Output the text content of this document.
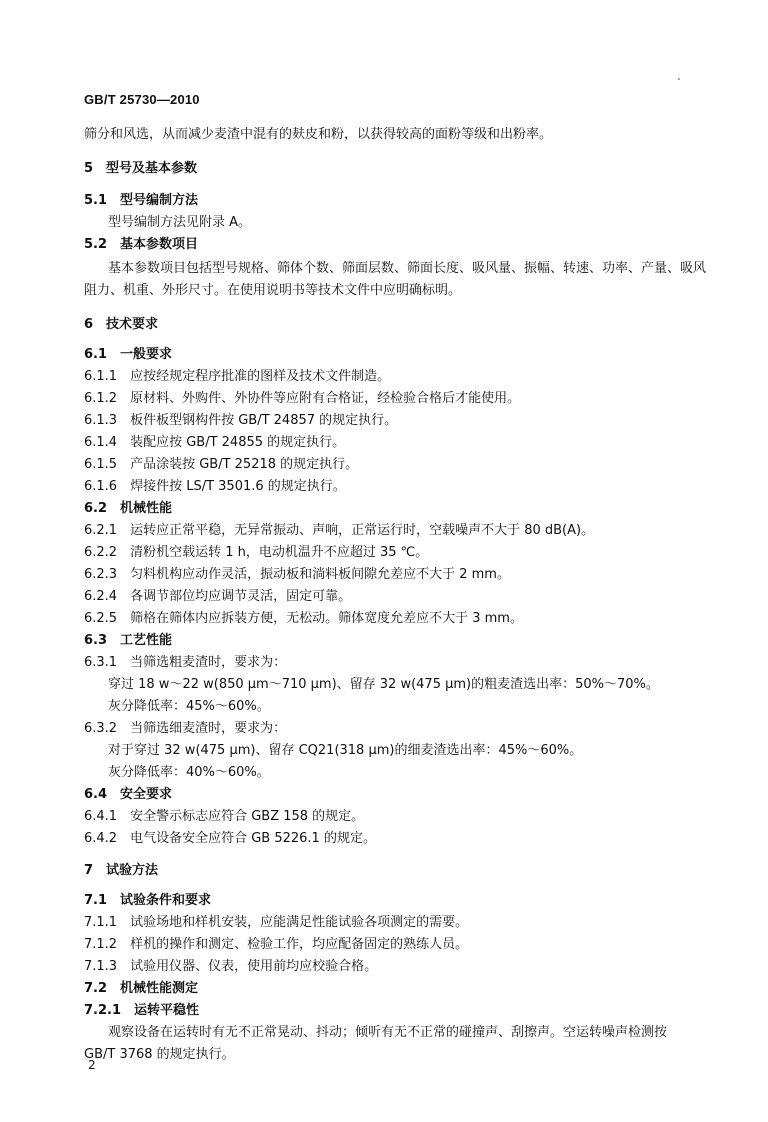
GB/T 25730—2010
筛分和风选，从而减少麦渣中混有的麸皮和粉，以获得较高的面粉等级和出粉率。
5　型号及基本参数
5.1　型号编制方法
型号编制方法见附录 A。
5.2　基本参数项目
基本参数项目包括型号规格、筛体个数、筛面层数、筛面长度、吸风量、振幅、转速、功率、产量、吸风
阻力、机重、外形尺寸。在使用说明书等技术文件中应明确标明。
6　技术要求
6.1　一般要求
6.1.1　应按经规定程序批准的图样及技术文件制造。
6.1.2　原材料、外购件、外协件等应附有合格证，经检验合格后才能使用。
6.1.3　板件板型钢构件按 GB/T 24857 的规定执行。
6.1.4　装配应按 GB/T 24855 的规定执行。
6.1.5　产品涂装按 GB/T 25218 的规定执行。
6.1.6　焊接件按 LS/T 3501.6 的规定执行。
6.2　机械性能
6.2.1　运转应正常平稳，无异常振动、声响，正常运行时，空载噪声不大于 80 dB(A)。
6.2.2　清粉机空载运转 1 h，电动机温升不应超过 35 ℃。
6.2.3　匀料机构应动作灵活，振动板和淌料板间隙允差应不大于 2 mm。
6.2.4　各调节部位均应调节灵活，固定可靠。
6.2.5　筛格在筛体内应拆装方便，无松动。筛体宽度允差应不大于 3 mm。
6.3　工艺性能
6.3.1　当筛选粗麦渣时，要求为：
穿过 18 w～22 w(850 μm～710 μm)、留存 32 w(475 μm)的粗麦渣选出率：50%～70%。
灰分降低率：45%～60%。
6.3.2　当筛选细麦渣时，要求为：
对于穿过 32 w(475 μm)、留存 CQ21(318 μm)的细麦渣选出率：45%～60%。
灰分降低率：40%～60%。
6.4　安全要求
6.4.1　安全警示标志应符合 GBZ 158 的规定。
6.4.2　电气设备安全应符合 GB 5226.1 的规定。
7　试验方法
7.1　试验条件和要求
7.1.1　试验场地和样机安装，应能满足性能试验各项测定的需要。
7.1.2　样机的操作和测定、检验工作，均应配备固定的熟练人员。
7.1.3　试验用仪器、仪表，使用前均应校验合格。
7.2　机械性能测定
7.2.1　运转平稳性
观察设备在运转时有无不正常晃动、抖动；倾听有无不正常的碰撞声、刮擦声。空运转噪声检测按
GB/T 3768 的规定执行。
2
